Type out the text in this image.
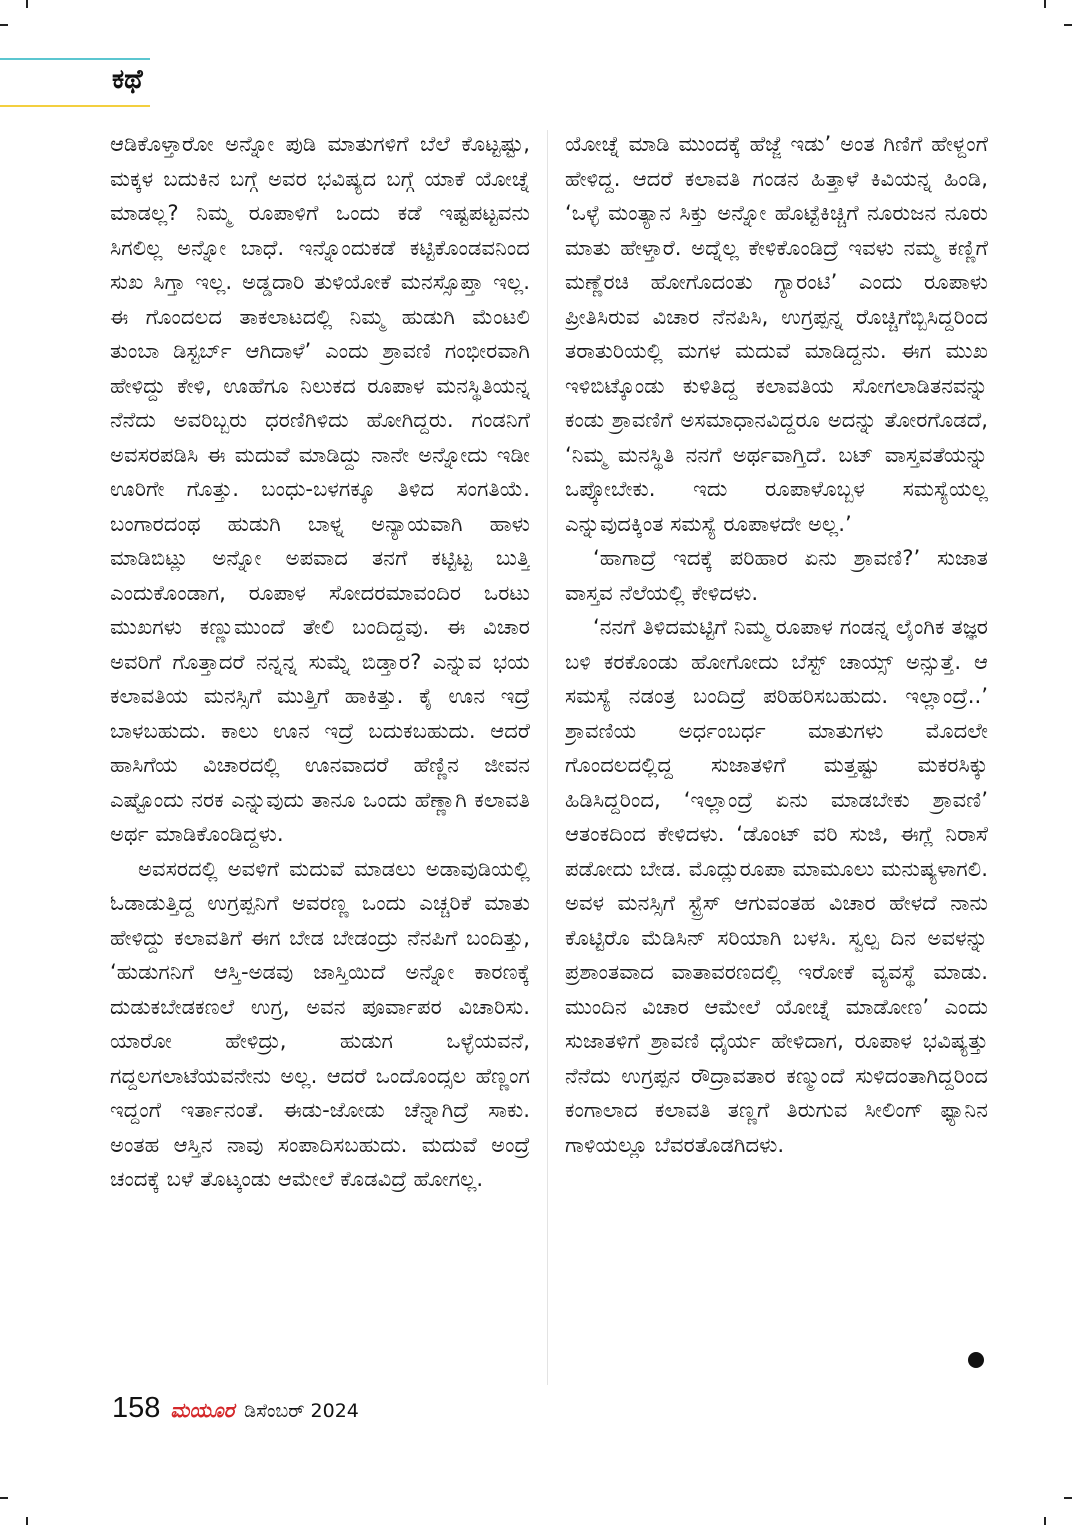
ಕಥೆ

ಆಡಿಕೊಳ್ತಾರೋ ಅನ್ನೋ ಪುಡಿ ಮಾತುಗಳಿಗೆ ಬೆಲೆ ಕೊಟ್ಟಷ್ಟು, ಮಕ್ಕಳ ಬದುಕಿನ ಬಗ್ಗೆ ಅವರ ಭವಿಷ್ಯದ ಬಗ್ಗೆ ಯಾಕೆ ಯೋಚ್ನೆ ಮಾಡಲ್ಲ? ನಿಮ್ಮ ರೂಪಾಳಿಗೆ ಒಂದು ಕಡೆ ಇಷ್ಟಪಟ್ಟವನು ಸಿಗಲಿಲ್ಲ ಅನ್ನೋ ಬಾಧೆ. ಇನ್ನೊಂದುಕಡೆ ಕಟ್ಟಿಕೊಂಡವನಿಂದ ಸುಖ ಸಿಗ್ತಾ ಇಲ್ಲ. ಅಡ್ಡದಾರಿ ತುಳಿಯೋಕೆ ಮನಸ್ಸೊಪ್ತಾ ಇಲ್ಲ. ಈ ಗೊಂದಲದ ತಾಕಲಾಟದಲ್ಲಿ ನಿಮ್ಮ ಹುಡುಗಿ ಮೆಂಟಲಿ ತುಂಬಾ ಡಿಸ್ಟರ್ಬ್ ಆಗಿದಾಳೆ’ ಎಂದು ಶ್ರಾವಣಿ ಗಂಭೀರವಾಗಿ ಹೇಳಿದ್ದು ಕೇಳಿ, ಊಹೆಗೂ ನಿಲುಕದ ರೂಪಾಳ ಮನಸ್ಥಿತಿಯನ್ನ ನೆನೆದು ಅವರಿಬ್ಬರು ಧರಣಿಗಿಳಿದು ಹೋಗಿದ್ದರು. ಗಂಡನಿಗೆ ಅವಸರಪಡಿಸಿ ಈ ಮದುವೆ ಮಾಡಿದ್ದು ನಾನೇ ಅನ್ನೋದು ಇಡೀ ಊರಿಗೇ ಗೊತ್ತು. ಬಂಧು-ಬಳಗಕ್ಕೂ ತಿಳಿದ ಸಂಗತಿಯೆ. ಬಂಗಾರದಂಥ ಹುಡುಗಿ ಬಾಳ್ನ ಅನ್ಯಾಯವಾಗಿ ಹಾಳು ಮಾಡಿಬಿಟ್ಲು ಅನ್ನೋ ಅಪವಾದ ತನಗೆ ಕಟ್ಟಿಟ್ಟ ಬುತ್ತಿ ಎಂದುಕೊಂಡಾಗ, ರೂಪಾಳ ಸೋದರಮಾವಂದಿರ ಒರಟು ಮುಖಗಳು ಕಣ್ಣುಮುಂದೆ ತೇಲಿ ಬಂದಿದ್ದವು. ಈ ವಿಚಾರ ಅವರಿಗೆ ಗೊತ್ತಾದರೆ ನನ್ನನ್ನ ಸುಮ್ನೆ ಬಿಡ್ತಾರ? ಎನ್ನುವ ಭಯ ಕಲಾವತಿಯ ಮನಸ್ಸಿಗೆ ಮುತ್ತಿಗೆ ಹಾಕಿತ್ತು. ಕೈ ಊನ ಇದ್ರೆ ಬಾಳಬಹುದು. ಕಾಲು ಊನ ಇದ್ರೆ ಬದುಕಬಹುದು. ಆದರೆ ಹಾಸಿಗೆಯ ವಿಚಾರದಲ್ಲಿ ಊನವಾದರೆ ಹೆಣ್ಣಿನ ಜೀವನ ಎಷ್ಟೊಂದು ನರಕ ಎನ್ನುವುದು ತಾನೂ ಒಂದು ಹೆಣ್ಣಾಗಿ ಕಲಾವತಿ ಅರ್ಥ ಮಾಡಿಕೊಂಡಿದ್ದಳು.

ಅವಸರದಲ್ಲಿ ಅವಳಿಗೆ ಮದುವೆ ಮಾಡಲು ಅಡಾವುಡಿಯಲ್ಲಿ ಓಡಾಡುತ್ತಿದ್ದ ಉಗ್ರಪ್ಪನಿಗೆ ಅವರಣ್ಣ ಒಂದು ಎಚ್ಚರಿಕೆ ಮಾತು ಹೇಳಿದ್ದು ಕಲಾವತಿಗೆ ಈಗ ಬೇಡ ಬೇಡಂದ್ರು ನೆನಪಿಗೆ ಬಂದಿತ್ತು, ‘ಹುಡುಗನಿಗೆ ಆಸ್ತಿ-ಅಡವು ಜಾಸ್ತಿಯಿದೆ ಅನ್ನೋ ಕಾರಣಕ್ಕೆ ದುಡುಕಬೇಡಕಣಲೆ ಉಗ್ರ, ಅವನ ಪೂರ್ವಾಪರ ವಿಚಾರಿಸು. ಯಾರೋ ಹೇಳಿದ್ರು, ಹುಡುಗ ಒಳ್ಳೆಯವನೆ, ಗದ್ದಲಗಲಾಟೆಯವನೇನು ಅಲ್ಲ. ಆದರೆ ಒಂದೊಂದ್ಸಲ ಹೆಣ್ಣಂಗ ಇದ್ದಂಗೆ ಇರ್ತಾನಂತೆ. ಈಡು-ಜೋಡು ಚೆನ್ನಾಗಿದ್ರೆ ಸಾಕು. ಅಂತಹ ಆಸ್ತಿನ ನಾವು ಸಂಪಾದಿಸಬಹುದು. ಮದುವೆ ಅಂದ್ರೆ ಚಂದಕ್ಕೆ ಬಳೆ ತೊಟ್ಕಂಡು ಆಮೇಲೆ ಕೊಡವಿದ್ರೆ ಹೋಗಲ್ಲ.

ಯೋಚ್ನೆ ಮಾಡಿ ಮುಂದಕ್ಕೆ ಹೆಜ್ಜೆ ಇಡು’ ಅಂತ ಗಿಣಿಗೆ ಹೇಳ್ದಂಗೆ ಹೇಳಿದ್ದ. ಆದರೆ ಕಲಾವತಿ ಗಂಡನ ಹಿತ್ತಾಳೆ ಕಿವಿಯನ್ನ ಹಿಂಡಿ, ‘ಒಳ್ಳೆ ಮಂತ್ಯಾನ ಸಿಕ್ತು ಅನ್ನೋ ಹೊಟ್ಟೆಕಿಚ್ಚಿಗೆ ನೂರುಜನ ನೂರು ಮಾತು ಹೇಳ್ತಾರೆ. ಅದ್ನೆಲ್ಲ ಕೇಳಿಕೊಂಡಿದ್ರೆ ಇವಳು ನಮ್ಮ ಕಣ್ಣಿಗೆ ಮಣ್ಣೆರಚಿ ಹೋಗೊದಂತು ಗ್ಯಾರಂಟಿ’ ಎಂದು ರೂಪಾಳು ಪ್ರೀತಿಸಿರುವ ವಿಚಾರ ನೆನಪಿಸಿ, ಉಗ್ರಪ್ಪನ್ನ ರೊಚ್ಚಿಗೆಬ್ಬಿಸಿದ್ದರಿಂದ ತರಾತುರಿಯಲ್ಲಿ ಮಗಳ ಮದುವೆ ಮಾಡಿದ್ದನು. ಈಗ ಮುಖ ಇಳಿಬಿಟ್ಕೊಂಡು ಕುಳಿತಿದ್ದ ಕಲಾವತಿಯ ಸೋಗಲಾಡಿತನವನ್ನು ಕಂಡು ಶ್ರಾವಣಿಗೆ ಅಸಮಾಧಾನವಿದ್ದರೂ ಅದನ್ನು ತೋರಗೊಡದೆ, ‘ನಿಮ್ಮ ಮನಸ್ಥಿತಿ ನನಗೆ ಅರ್ಥವಾಗ್ತಿದೆ. ಬಟ್ ವಾಸ್ತವತೆಯನ್ನು ಒಪ್ಕೋಬೇಕು. ಇದು ರೂಪಾಳೊಬ್ಬಳ ಸಮಸ್ಯೆಯಲ್ಲ ಎನ್ನುವುದಕ್ಕಿಂತ ಸಮಸ್ಯೆ ರೂಪಾಳದೇ ಅಲ್ಲ.’

‘ಹಾಗಾದ್ರೆ ಇದಕ್ಕೆ ಪರಿಹಾರ ಏನು ಶ್ರಾವಣಿ?’ ಸುಜಾತ ವಾಸ್ತವ ನೆಲೆಯಲ್ಲಿ ಕೇಳಿದಳು.

‘ನನಗೆ ತಿಳಿದಮಟ್ಟಿಗೆ ನಿಮ್ಮ ರೂಪಾಳ ಗಂಡನ್ನ ಲೈಂಗಿಕ ತಜ್ಞರ ಬಳಿ ಕರಕೊಂಡು ಹೋಗೋದು ಬೆಸ್ಟ್ ಚಾಯ್ಸ್ ಅನ್ಸುತ್ತೆ. ಆ ಸಮಸ್ಯೆ ನಡಂತ್ರ ಬಂದಿದ್ರೆ ಪರಿಹರಿಸಬಹುದು. ಇಲ್ಲಾಂದ್ರೆ..’ ಶ್ರಾವಣಿಯ ಅರ್ಧಂಬರ್ಧ ಮಾತುಗಳು ಮೊದಲೇ ಗೊಂದಲದಲ್ಲಿದ್ದ ಸುಜಾತಳಿಗೆ ಮತ್ತಷ್ಟು ಮಕರಸಿಕ್ಕು ಹಿಡಿಸಿದ್ದರಿಂದ, ‘ಇಲ್ಲಾಂದ್ರೆ ಏನು ಮಾಡಬೇಕು ಶ್ರಾವಣಿ’ ಆತಂಕದಿಂದ ಕೇಳಿದಳು. ‘ಡೊಂಟ್ ವರಿ ಸುಜಿ, ಈಗ್ಲೆ ನಿರಾಸೆ ಪಡೋದು ಬೇಡ. ಮೊದ್ಲುರೂಪಾ ಮಾಮೂಲು ಮನುಷ್ಯಳಾಗಲಿ. ಅವಳ ಮನಸ್ಸಿಗೆ ಸ್ಟ್ರೆಸ್ ಆಗುವಂತಹ ವಿಚಾರ ಹೇಳದೆ ನಾನು ಕೊಟ್ಟಿರೊ ಮೆಡಿಸಿನ್ ಸರಿಯಾಗಿ ಬಳಸಿ. ಸ್ವಲ್ಪ ದಿನ ಅವಳನ್ನು ಪ್ರಶಾಂತವಾದ ವಾತಾವರಣದಲ್ಲಿ ಇರೋಕೆ ವ್ಯವಸ್ಥೆ ಮಾಡು. ಮುಂದಿನ ವಿಚಾರ ಆಮೇಲೆ ಯೋಚ್ನೆ ಮಾಡೋಣ’ ಎಂದು ಸುಜಾತಳಿಗೆ ಶ್ರಾವಣಿ ಧೈರ್ಯ ಹೇಳಿದಾಗ, ರೂಪಾಳ ಭವಿಷ್ಯತ್ತು ನೆನೆದು ಉಗ್ರಪ್ಪನ ರೌದ್ರಾವತಾರ ಕಣ್ಮುಂದೆ ಸುಳಿದಂತಾಗಿದ್ದರಿಂದ ಕಂಗಾಲಾದ ಕಲಾವತಿ ತಣ್ಣಗೆ ತಿರುಗುವ ಸೀಲಿಂಗ್ ಫ್ಯಾನಿನ ಗಾಳಿಯಲ್ಲೂ ಬೆವರತೊಡಗಿದಳು.

158 ಮಯೂರ ಡಿಸೆಂಬರ್ 2024
